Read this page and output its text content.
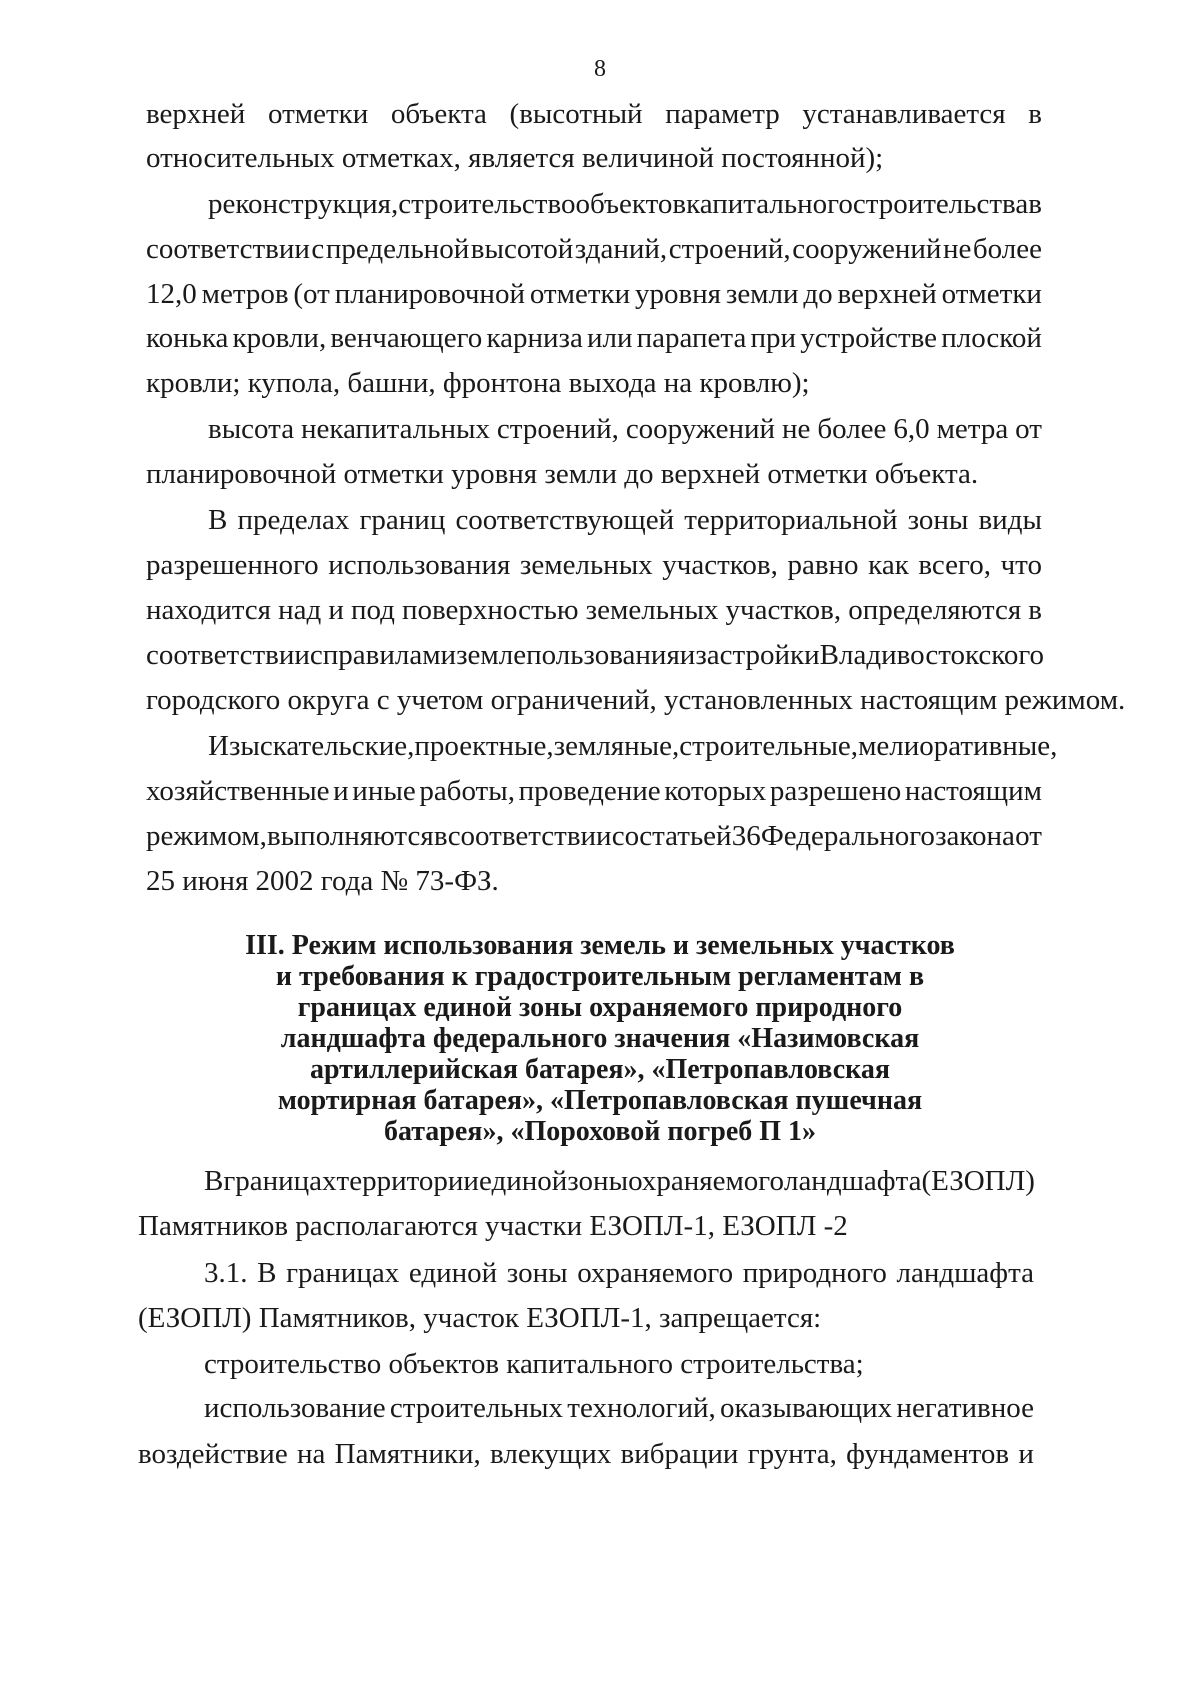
8
верхней отметки объекта (высотный параметр устанавливается в
относительных отметках, является величиной постоянной);
реконструкция, строительство объектов капитального строительства в
соответствии с предельной высотой зданий, строений, сооружений не более
12,0 метров (от планировочной отметки уровня земли до верхней отметки
конька кровли, венчающего карниза или парапета при устройстве плоской
кровли; купола, башни, фронтона выхода на кровлю);
высота некапитальных строений, сооружений не более 6,0 метра от
планировочной отметки уровня земли до верхней отметки объекта.
В пределах границ соответствующей территориальной зоны виды
разрешенного использования земельных участков, равно как всего, что
находится над и под поверхностью земельных участков, определяются в
соответствии с правилами землепользования и застройки Владивостокского
городского округа с учетом ограничений, установленных настоящим режимом.
Изыскательские, проектные, земляные, строительные, мелиоративные,
хозяйственные и иные работы, проведение которых разрешено настоящим
режимом, выполняются в соответствии со статьей 36 Федерального закона от
25 июня 2002 года № 73-ФЗ.
III. Режим использования земель и земельных участков
и требования к градостроительным регламентам в
границах единой зоны охраняемого природного
ландшафта федерального значения «Назимовская
артиллерийская батарея», «Петропавловская
мортирная батарея», «Петропавловская пушечная
батарея», «Пороховой погреб П 1»
В границах территории единой зоны охраняемого ландшафта (ЕЗОПЛ)
Памятников располагаются участки ЕЗОПЛ-1, ЕЗОПЛ -2
3.1. В границах единой зоны охраняемого природного ландшафта
(ЕЗОПЛ) Памятников, участок ЕЗОПЛ-1, запрещается:
строительство объектов капитального строительства;
использование строительных технологий, оказывающих негативное
воздействие на Памятники, влекущих вибрации грунта, фундаментов и
